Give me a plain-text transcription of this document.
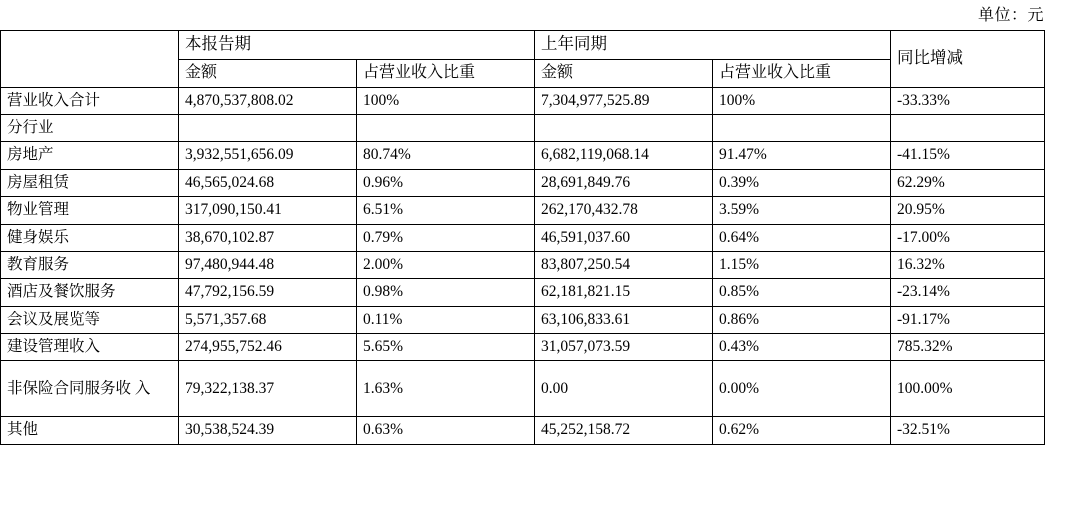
单位：元
	本报告期		上年同期		同比增减
	金额	占营业收入比重	金额	占营业收入比重	
营业收入合计	4,870,537,808.02	100%	7,304,977,525.89	100%	-33.33%
分行业					
房地产	3,932,551,656.09	80.74%	6,682,119,068.14	91.47%	-41.15%
房屋租赁	46,565,024.68	0.96%	28,691,849.76	0.39%	62.29%
物业管理	317,090,150.41	6.51%	262,170,432.78	3.59%	20.95%
健身娱乐	38,670,102.87	0.79%	46,591,037.60	0.64%	-17.00%
教育服务	97,480,944.48	2.00%	83,807,250.54	1.15%	16.32%
酒店及餐饮服务	47,792,156.59	0.98%	62,181,821.15	0.85%	-23.14%
会议及展览等	5,571,357.68	0.11%	63,106,833.61	0.86%	-91.17%
建设管理收入	274,955,752.46	5.65%	31,057,073.59	0.43%	785.32%
非保险合同服务收 入	79,322,138.37	1.63%	0.00	0.00%	100.00%
其他	30,538,524.39	0.63%	45,252,158.72	0.62%	-32.51%
